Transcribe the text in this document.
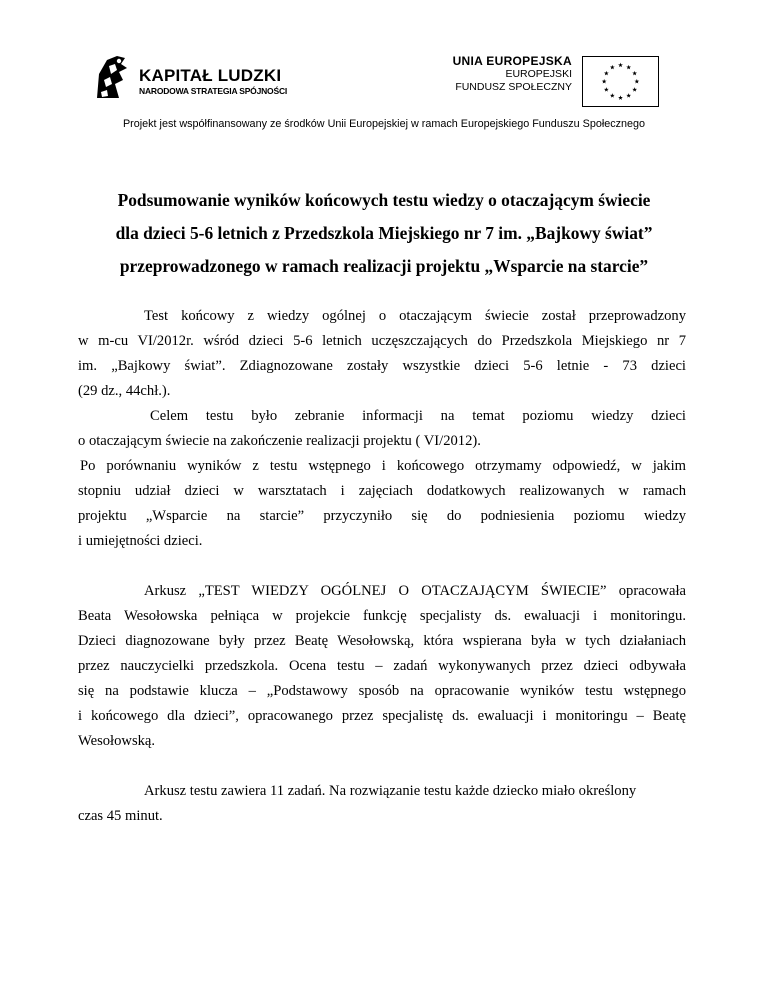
KAPITAŁ LUDZKI
NARODOWA STRATEGIA SPÓJNOŚCI
UNIA EUROPEJSKA
EUROPEJSKI
FUNDUSZ SPOŁECZNY
Projekt jest współfinansowany ze środków Unii Europejskiej w ramach Europejskiego Funduszu Społecznego
Podsumowanie wyników końcowych testu wiedzy o otaczającym świecie
dla dzieci 5-6 letnich z Przedszkola Miejskiego nr 7 im. „Bajkowy świat”
przeprowadzonego w ramach realizacji projektu „Wsparcie na starcie”

Test końcowy z wiedzy ogólnej o otaczającym świecie został przeprowadzony
w m-cu VI/2012r. wśród dzieci 5-6 letnich uczęszczających do Przedszkola Miejskiego nr 7
im. „Bajkowy świat”. Zdiagnozowane zostały wszystkie dzieci 5-6 letnie - 73 dzieci
(29 dz., 44chł.).

Celem testu było zebranie informacji na temat poziomu wiedzy dzieci
o otaczającym świecie na zakończenie realizacji projektu ( VI/2012).

Po porównaniu wyników z testu wstępnego i końcowego otrzymamy odpowiedź, w jakim
stopniu udział dzieci w warsztatach i zajęciach dodatkowych realizowanych w ramach
projektu „Wsparcie na starcie” przyczyniło się do podniesienia poziomu wiedzy
i umiejętności dzieci.

Arkusz „TEST WIEDZY OGÓLNEJ O OTACZAJĄCYM ŚWIECIE” opracowała
Beata Wesołowska pełniąca w projekcie funkcję specjalisty ds. ewaluacji i monitoringu.
Dzieci diagnozowane były przez Beatę Wesołowską, która wspierana była w tych działaniach
przez nauczycielki przedszkola. Ocena testu – zadań wykonywanych przez dzieci odbywała
się na podstawie klucza – „Podstawowy sposób na opracowanie wyników testu wstępnego
i końcowego dla dzieci”, opracowanego przez specjalistę ds. ewaluacji i monitoringu – Beatę
Wesołowską.

Arkusz testu zawiera 11 zadań. Na rozwiązanie testu każde dziecko miało określony
czas 45 minut.
